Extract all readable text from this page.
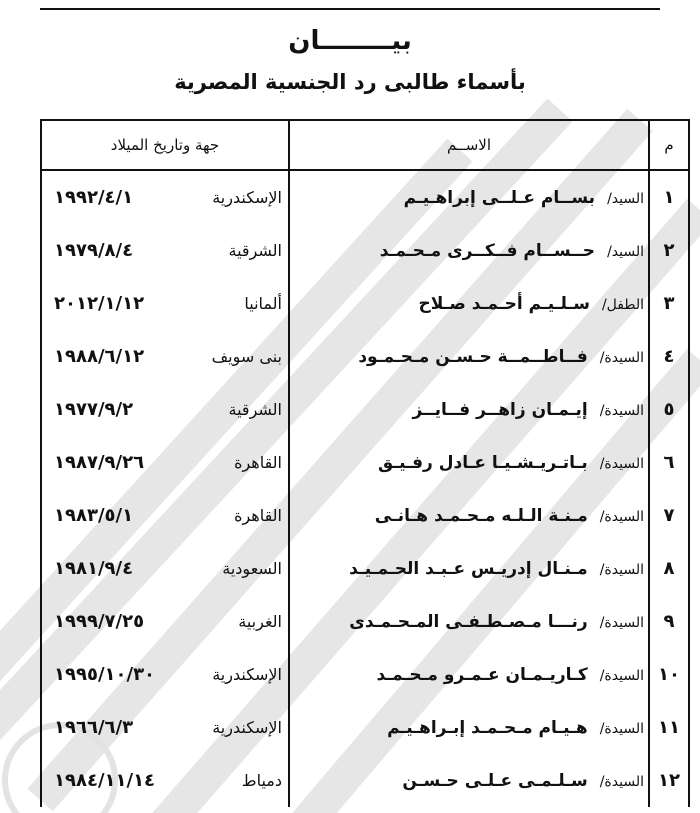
بيــــــــان
بأسماء طالبى رد الجنسية المصرية
م	الاســم	جهة وتاريخ الميلاد
١	السيد/بســام عـلــى إبراهـيـم	الإسكندرية١٩٩٢/٤/١
٢	السيد/حــســام فــكــرى مـحـمـد	الشرقية١٩٧٩/٨/٤
٣	الطفل/سـلـيـم أحـمـد صـلاح	ألمانيا٢٠١٢/١/١٢
٤	السيدة/فــاطــمــة حـسـن مـحـمـود	بنى سويف١٩٨٨/٦/١٢
٥	السيدة/إيـمـان زاهــر فــايــز	الشرقية١٩٧٧/٩/٢
٦	السيدة/بـاتـريـشـيـا عـادل رفـيـق	القاهرة١٩٨٧/٩/٢٦
٧	السيدة/مـنـة الـلـه مـحـمـد هـانـى	القاهرة١٩٨٣/٥/١
٨	السيدة/مـنـال إدريـس عـبـد الحـمـيـد	السعودية١٩٨١/٩/٤
٩	السيدة/رنـــا مـصـطـفـى المـحـمـدى	الغربية١٩٩٩/٧/٢٥
١٠	السيدة/كـاريـمـان عـمـرو مـحـمـد	الإسكندرية١٩٩٥/١٠/٣٠
١١	السيدة/هـيـام مـحـمـد إبـراهـيـم	الإسكندرية١٩٦٦/٦/٣
١٢	السيدة/سـلـمـى عـلـى حـسـن	دمياط١٩٨٤/١١/١٤
